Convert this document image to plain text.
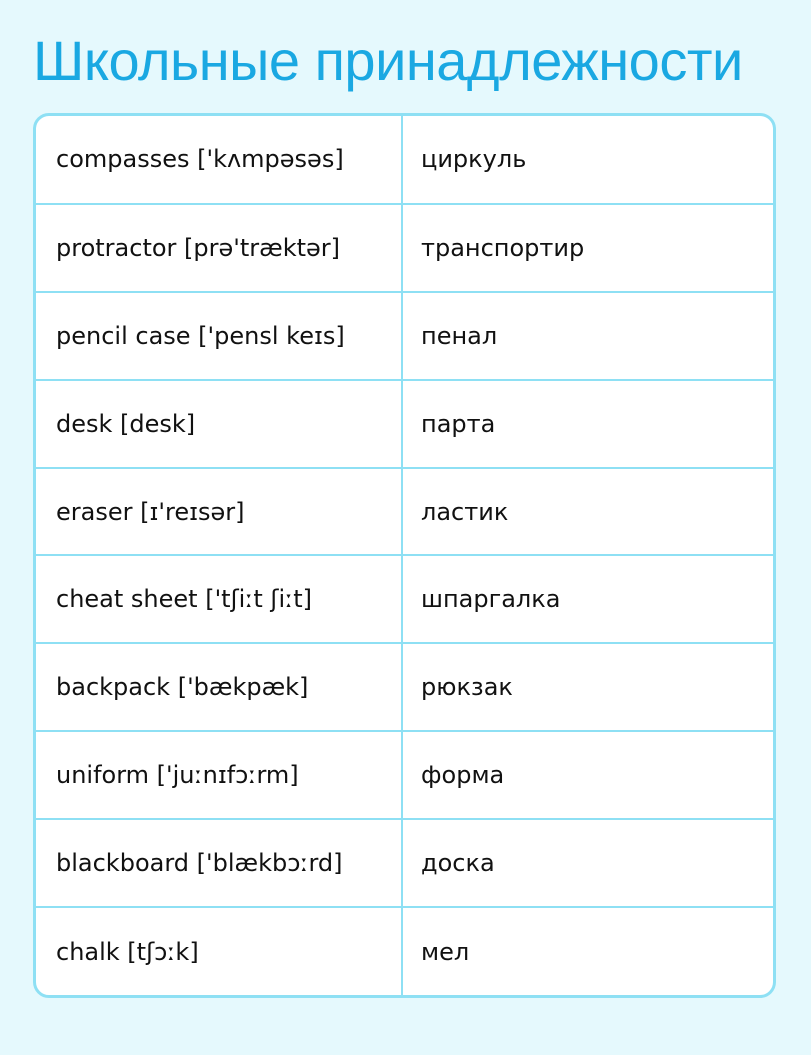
Школьные принадлежности
compasses ['kʌmpəsəs]	циркуль
protractor [prə'træktər]	транспортир
pencil case ['pensl keɪs]	пенал
desk [desk]	парта
eraser [ɪ'reɪsər]	ластик
cheat sheet ['tʃiːt ʃiːt]	шпаргалка
backpack ['bækpæk]	рюкзак
uniform ['juːnɪfɔːrm]	форма
blackboard ['blækbɔːrd]	доска
chalk [tʃɔːk]	мел
